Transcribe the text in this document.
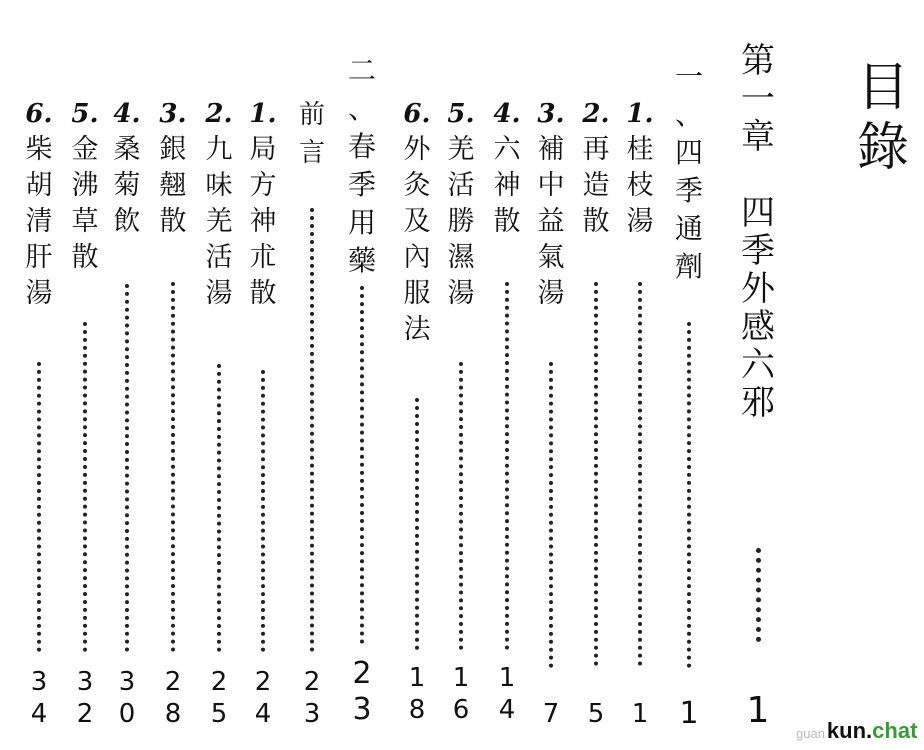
目
錄
第
一
章

四
季
外
感
六
邪
1
一
、
四
季
通
劑
1
1.
桂
枝
湯
1
2.
再
造
散
5
3.
補
中
益
氣
湯
7
4.
六
神
散
1
4
5.
羌
活
勝
濕
湯
1
6
6.
外
灸
及
內
服
法
1
8
二
、
春
季
用
藥
2
3
前
言
2
3
1.
局
方
神
朮
散
2
4
2.
九
味
羌
活
湯
2
5
3.
銀
翹
散
2
8
4.
桑
菊
飲
3
0
5.
金
沸
草
散
3
2
6.
柴
胡
清
肝
湯
3
4
guankun.chat
